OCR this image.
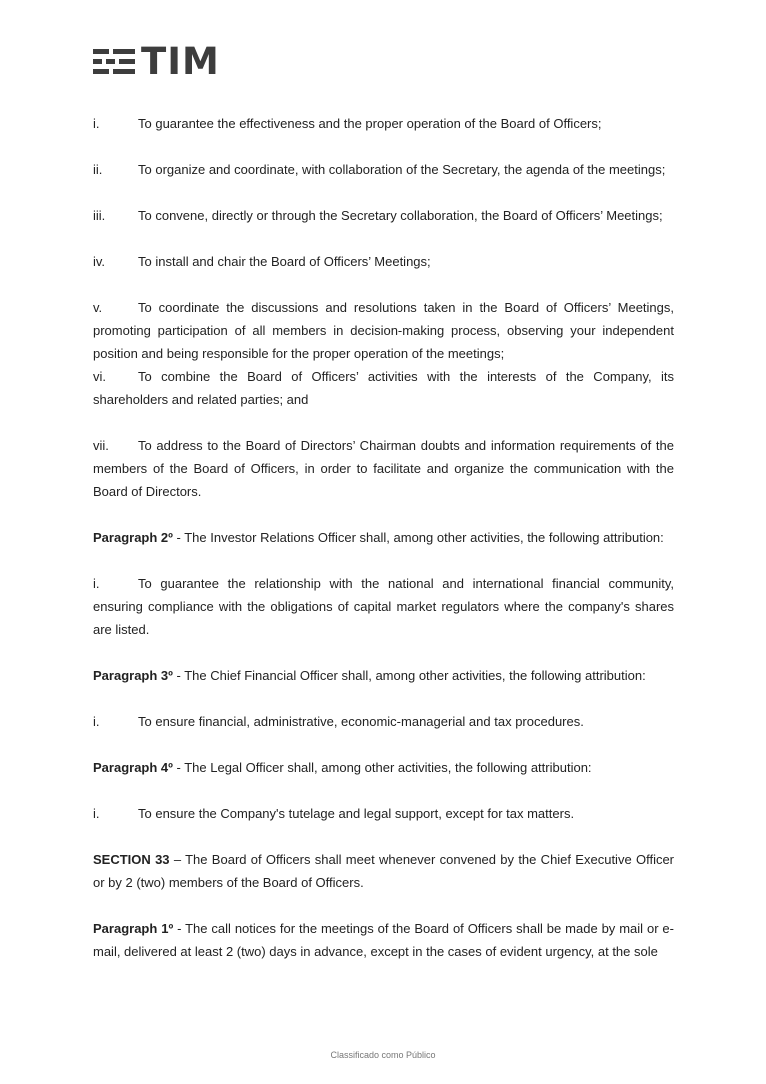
TIM

i.	To guarantee the effectiveness and the proper operation of the Board of Officers;

ii.	To organize and coordinate, with collaboration of the Secretary, the agenda of the meetings;

iii.	To convene, directly or through the Secretary collaboration, the Board of Officers’ Meetings;

iv.	To install and chair the Board of Officers’ Meetings;

v.	To coordinate the discussions and resolutions taken in the Board of Officers’ Meetings, promoting participation of all members in decision-making process, observing your independent position and being responsible for the proper operation of the meetings;

vi. To combine the Board of Officers’ activities with the interests of the Company, its shareholders and related parties; and

vii. To address to the Board of Directors’ Chairman doubts and information requirements of the members of the Board of Officers, in order to facilitate and organize the communication with the Board of Directors.

Paragraph 2º - The Investor Relations Officer shall, among other activities, the following attribution:

i.	To guarantee the relationship with the national and international financial community, ensuring compliance with the obligations of capital market regulators where the company's shares are listed.

Paragraph 3º - The Chief Financial Officer shall, among other activities, the following attribution:

i.	To ensure financial, administrative, economic-managerial and tax procedures.

Paragraph 4º - The Legal Officer shall, among other activities, the following attribution:

i.	To ensure the Company's tutelage and legal support, except for tax matters.

SECTION 33 – The Board of Officers shall meet whenever convened by the Chief Executive Officer or by 2 (two) members of the Board of Officers.

Paragraph 1º - The call notices for the meetings of the Board of Officers shall be made by mail or e-mail, delivered at least 2 (two) days in advance, except in the cases of evident urgency, at the sole

Classificado como Público
